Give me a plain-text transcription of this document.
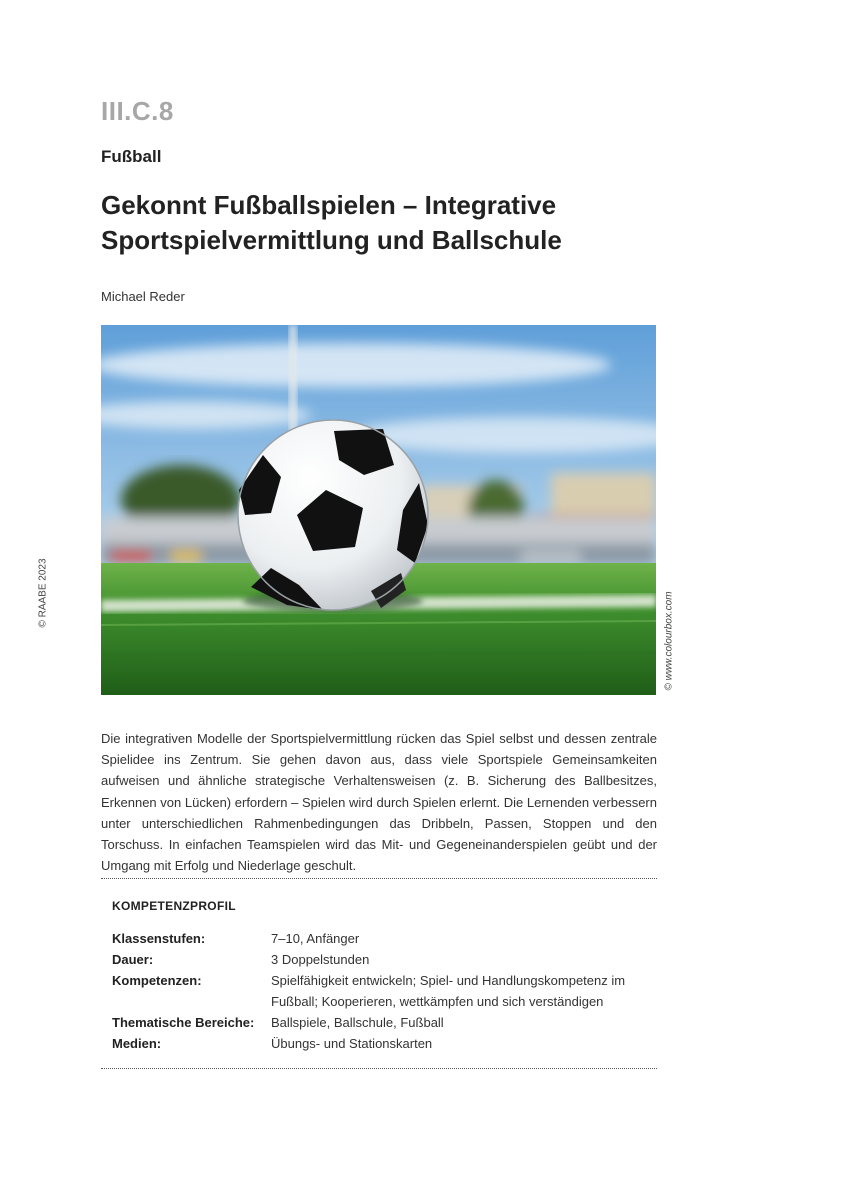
III.C.8
Fußball
Gekonnt Fußballspielen – Integrative Sportspielvermittlung und Ballschule
Michael Reder
© RAABE 2023	© www.colourbox.com

Die integrativen Modelle der Sportspielvermittlung rücken das Spiel selbst und dessen zentrale Spielidee ins Zentrum. Sie gehen davon aus, dass viele Sportspiele Gemeinsamkeiten aufweisen und ähnliche strategische Verhaltensweisen (z. B. Sicherung des Ballbesitzes, Erkennen von Lücken) erfordern – Spielen wird durch Spielen erlernt. Die Lernenden verbessern unter unterschiedlichen Rahmenbedingungen das Dribbeln, Passen, Stoppen und den Torschuss. In einfachen Teamspielen wird das Mit- und Gegeneinanderspielen geübt und der Umgang mit Erfolg und Niederlage geschult.

KOMPETENZPROFIL
Klassenstufen:	7–10, Anfänger
Dauer:	3 Doppelstunden
Kompetenzen:	Spielfähigkeit entwickeln; Spiel- und Handlungskompetenz im Fußball; Kooperieren, wettkämpfen und sich verständigen
Thematische Bereiche: Ballspiele, Ballschule, Fußball
Medien:	Übungs- und Stationskarten
